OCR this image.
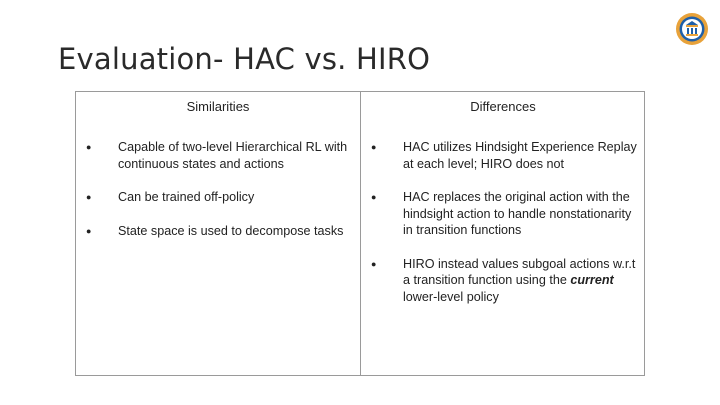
Evaluation- HAC vs. HIRO
Similarities
● Capable of two-level Hierarchical RL with continuous states and actions
● Can be trained off-policy
● State space is used to decompose tasks
Differences
● HAC utilizes Hindsight Experience Replay at each level; HIRO does not
● HAC replaces the original action with the hindsight action to handle nonstationarity in transition functions
● HIRO instead values subgoal actions w.r.t a transition function using the current lower-level policy
